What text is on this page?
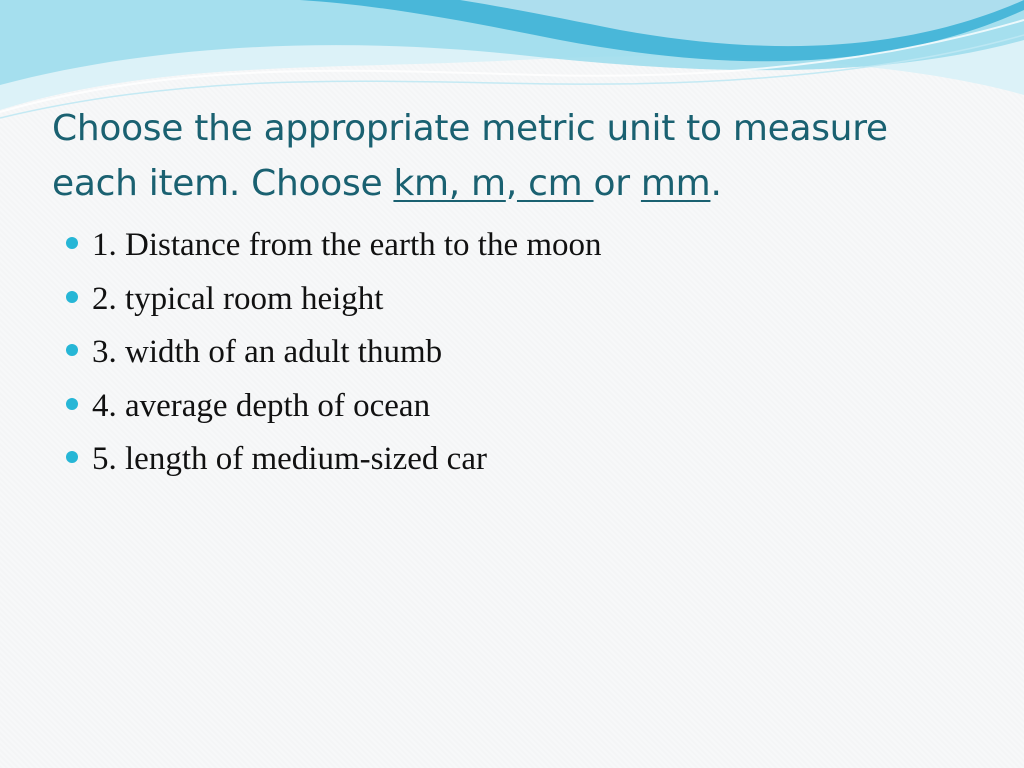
Choose the appropriate metric unit to measure
each item. Choose km, m, cm or mm.
1. Distance from the earth to the moon
2. typical room height
3. width of an adult thumb
4. average depth of ocean
5. length of medium-sized car
